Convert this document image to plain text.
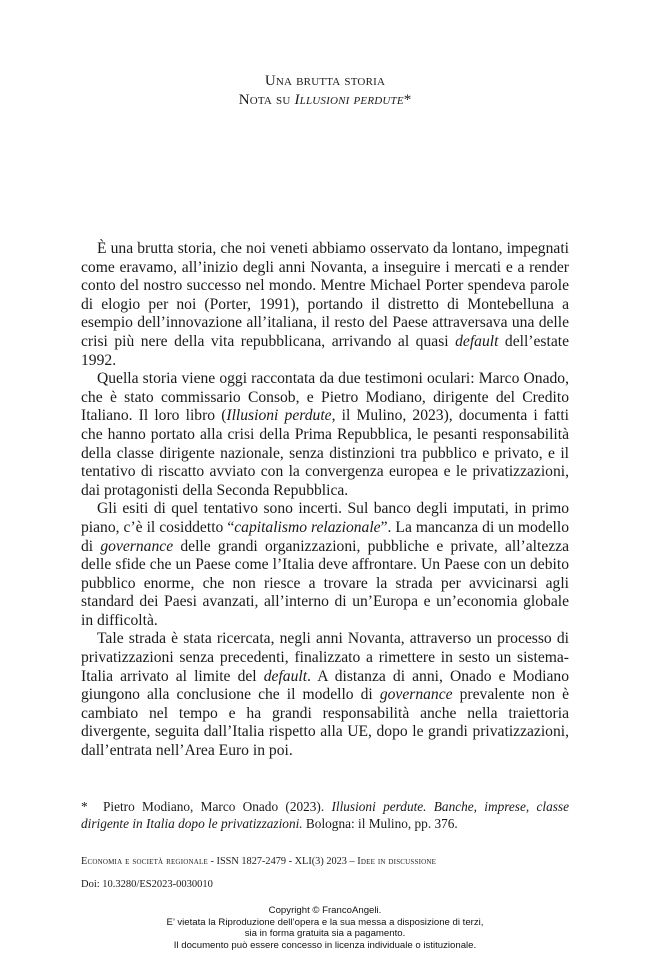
Una brutta storia
Nota su Illusioni perdute*

È una brutta storia, che noi veneti abbiamo osservato da lontano, impegnati come eravamo, all’inizio degli anni Novanta, a inseguire i mercati e a render conto del nostro successo nel mondo. Mentre Michael Porter spendeva parole di elogio per noi (Porter, 1991), portando il distretto di Montebelluna a esempio dell’innovazione all’italiana, il resto del Paese attraversava una delle crisi più nere della vita repubblicana, arrivando al quasi default dell’estate 1992.

Quella storia viene oggi raccontata da due testimoni oculari: Marco Onado, che è stato commissario Consob, e Pietro Modiano, dirigente del Credito Italiano. Il loro libro (Illusioni perdute, il Mulino, 2023), documenta i fatti che hanno portato alla crisi della Prima Repubblica, le pesanti responsabilità della classe dirigente nazionale, senza distinzioni tra pubblico e privato, e il tentativo di riscatto avviato con la convergenza europea e le privatizzazioni, dai protagonisti della Seconda Repubblica.

Gli esiti di quel tentativo sono incerti. Sul banco degli imputati, in primo piano, c’è il cosiddetto “capitalismo relazionale”. La mancanza di un modello di governance delle grandi organizzazioni, pubbliche e private, all’altezza delle sfide che un Paese come l’Italia deve affrontare. Un Paese con un debito pubblico enorme, che non riesce a trovare la strada per avvicinarsi agli standard dei Paesi avanzati, all’interno di un’Europa e un’economia globale in difficoltà.

Tale strada è stata ricercata, negli anni Novanta, attraverso un processo di privatizzazioni senza precedenti, finalizzato a rimettere in sesto un sistema-Italia arrivato al limite del default. A distanza di anni, Onado e Modiano giungono alla conclusione che il modello di governance prevalente non è cambiato nel tempo e ha grandi responsabilità anche nella traiettoria divergente, seguita dall’Italia rispetto alla UE, dopo le grandi privatizzazioni, dall’entrata nell’Area Euro in poi.

* Pietro Modiano, Marco Onado (2023). Illusioni perdute. Banche, imprese, classe dirigente in Italia dopo le privatizzazioni. Bologna: il Mulino, pp. 376.

Economia e società regionale - ISSN 1827-2479 - XLI(3) 2023 – Idee in discussione
Doi: 10.3280/ES2023-0030010
Copyright © FrancoAngeli.
E’ vietata la Riproduzione dell’opera e la sua messa a disposizione di terzi,
sia in forma gratuita sia a pagamento.
Il documento può essere concesso in licenza individuale o istituzionale.
